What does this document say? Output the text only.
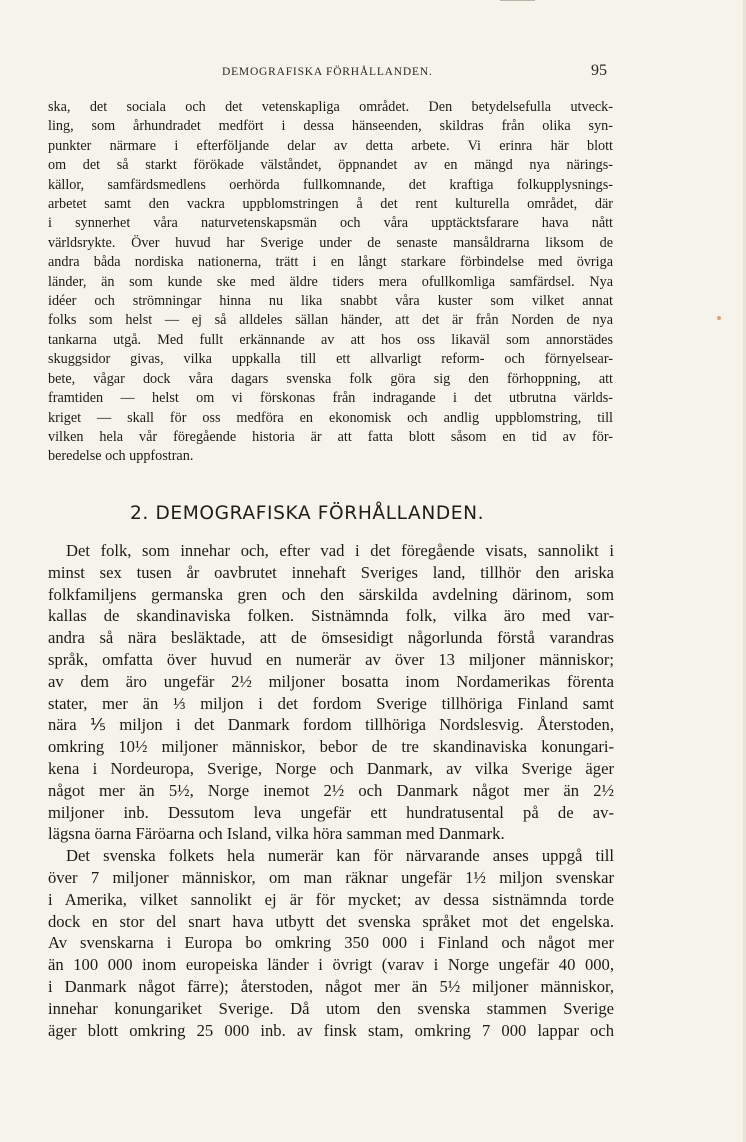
DEMOGRAFISKA FÖRHÅLLANDEN.	95
ska, det sociala och det vetenskapliga området. Den betydelsefulla utveck-
ling, som århundradet medfört i dessa hänseenden, skildras från olika syn-
punkter närmare i efterföljande delar av detta arbete. Vi erinra här blott
om det så starkt förökade välståndet, öppnandet av en mängd nya närings-
källor, samfärdsmedlens oerhörda fullkomnande, det kraftiga folkupplysnings-
arbetet samt den vackra uppblomstringen å det rent kulturella området, där
i synnerhet våra naturvetenskapsmän och våra upptäcktsfarare hava nått
världsrykte. Över huvud har Sverige under de senaste mansåldrarna liksom de
andra båda nordiska nationerna, trätt i en långt starkare förbindelse med övriga
länder, än som kunde ske med äldre tiders mera ofullkomliga samfärdsel. Nya
idéer och strömningar hinna nu lika snabbt våra kuster som vilket annat
folks som helst — ej så alldeles sällan händer, att det är från Norden de nya
tankarna utgå. Med fullt erkännande av att hos oss likaväl som annorstädes
skuggsidor givas, vilka uppkalla till ett allvarligt reform- och förnyelsear-
bete, vågar dock våra dagars svenska folk göra sig den förhoppning, att
framtiden — helst om vi förskonas från indragande i det utbrutna världs-
kriget — skall för oss medföra en ekonomisk och andlig uppblomstring, till
vilken hela vår föregående historia är att fatta blott såsom en tid av för-
beredelse och uppfostran.
2. DEMOGRAFISKA FÖRHÅLLANDEN.
Det folk, som innehar och, efter vad i det föregående visats, sannolikt i
minst sex tusen år oavbrutet innehaft Sveriges land, tillhör den ariska
folkfamiljens germanska gren och den särskilda avdelning därinom, som
kallas de skandinaviska folken. Sistnämnda folk, vilka äro med var-
andra så nära besläktade, att de ömsesidigt någorlunda förstå varandras
språk, omfatta över huvud en numerär av över 13 miljoner människor;
av dem äro ungefär 2½ miljoner bosatta inom Nordamerikas förenta
stater, mer än ⅓ miljon i det fordom Sverige tillhöriga Finland samt
nära ⅕ miljon i det Danmark fordom tillhöriga Nordslesvig. Återstoden,
omkring 10½ miljoner människor, bebor de tre skandinaviska konungari-
kena i Nordeuropa, Sverige, Norge och Danmark, av vilka Sverige äger
något mer än 5½, Norge inemot 2½ och Danmark något mer än 2½
miljoner inb. Dessutom leva ungefär ett hundratusental på de av-
lägsna öarna Färöarna och Island, vilka höra samman med Danmark.
Det svenska folkets hela numerär kan för närvarande anses uppgå till
över 7 miljoner människor, om man räknar ungefär 1½ miljon svenskar
i Amerika, vilket sannolikt ej är för mycket; av dessa sistnämnda torde
dock en stor del snart hava utbytt det svenska språket mot det engelska.
Av svenskarna i Europa bo omkring 350 000 i Finland och något mer
än 100 000 inom europeiska länder i övrigt (varav i Norge ungefär 40 000,
i Danmark något färre); återstoden, något mer än 5½ miljoner människor,
innehar konungariket Sverige. Då utom den svenska stammen Sverige
äger blott omkring 25 000 inb. av finsk stam, omkring 7 000 lappar och
